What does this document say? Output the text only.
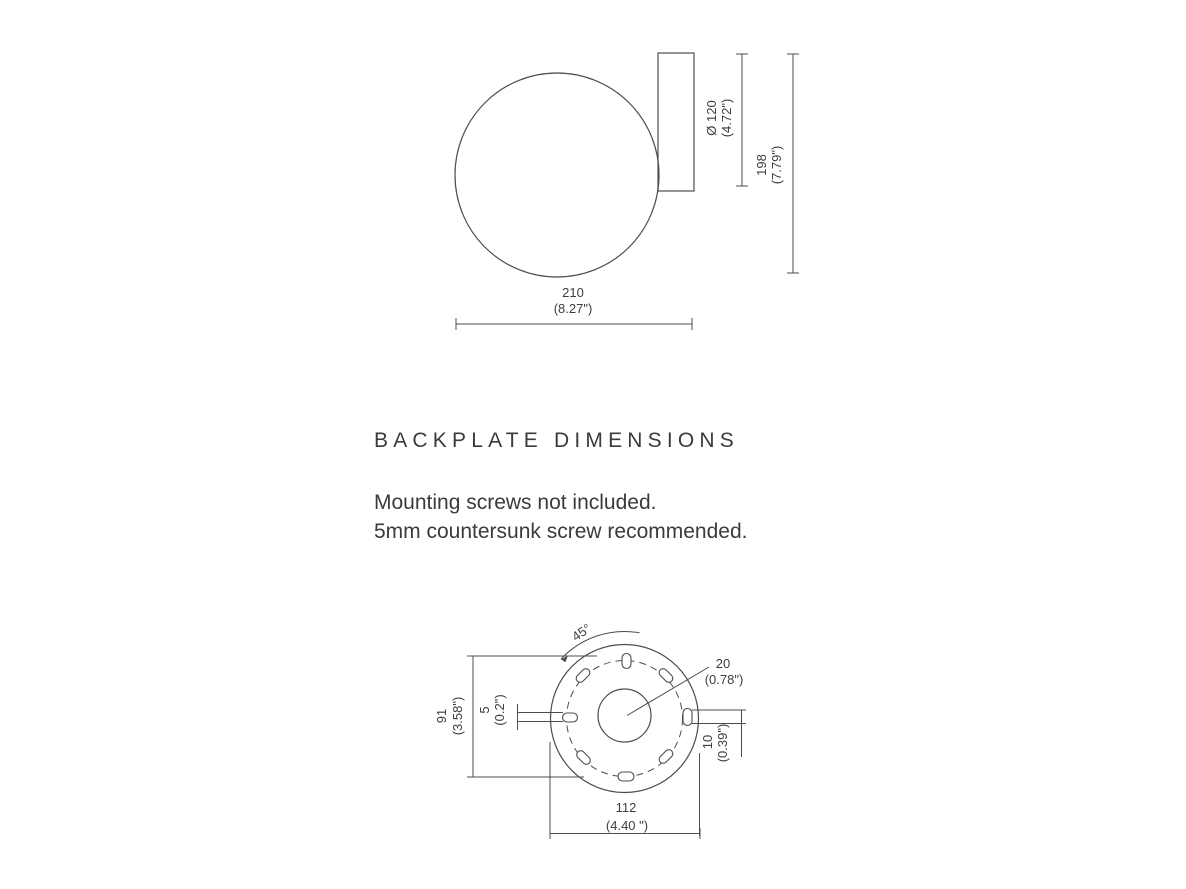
Ø 120 (4.72")
198 (7.79")
210
(8.27")
BACKPLATE DIMENSIONS
Mounting screws not included.
5mm countersunk screw recommended.
45°
20
(0.78")
91 (3.58") 5 (0.2")
10 (0.39")
112
(4.40 ")
